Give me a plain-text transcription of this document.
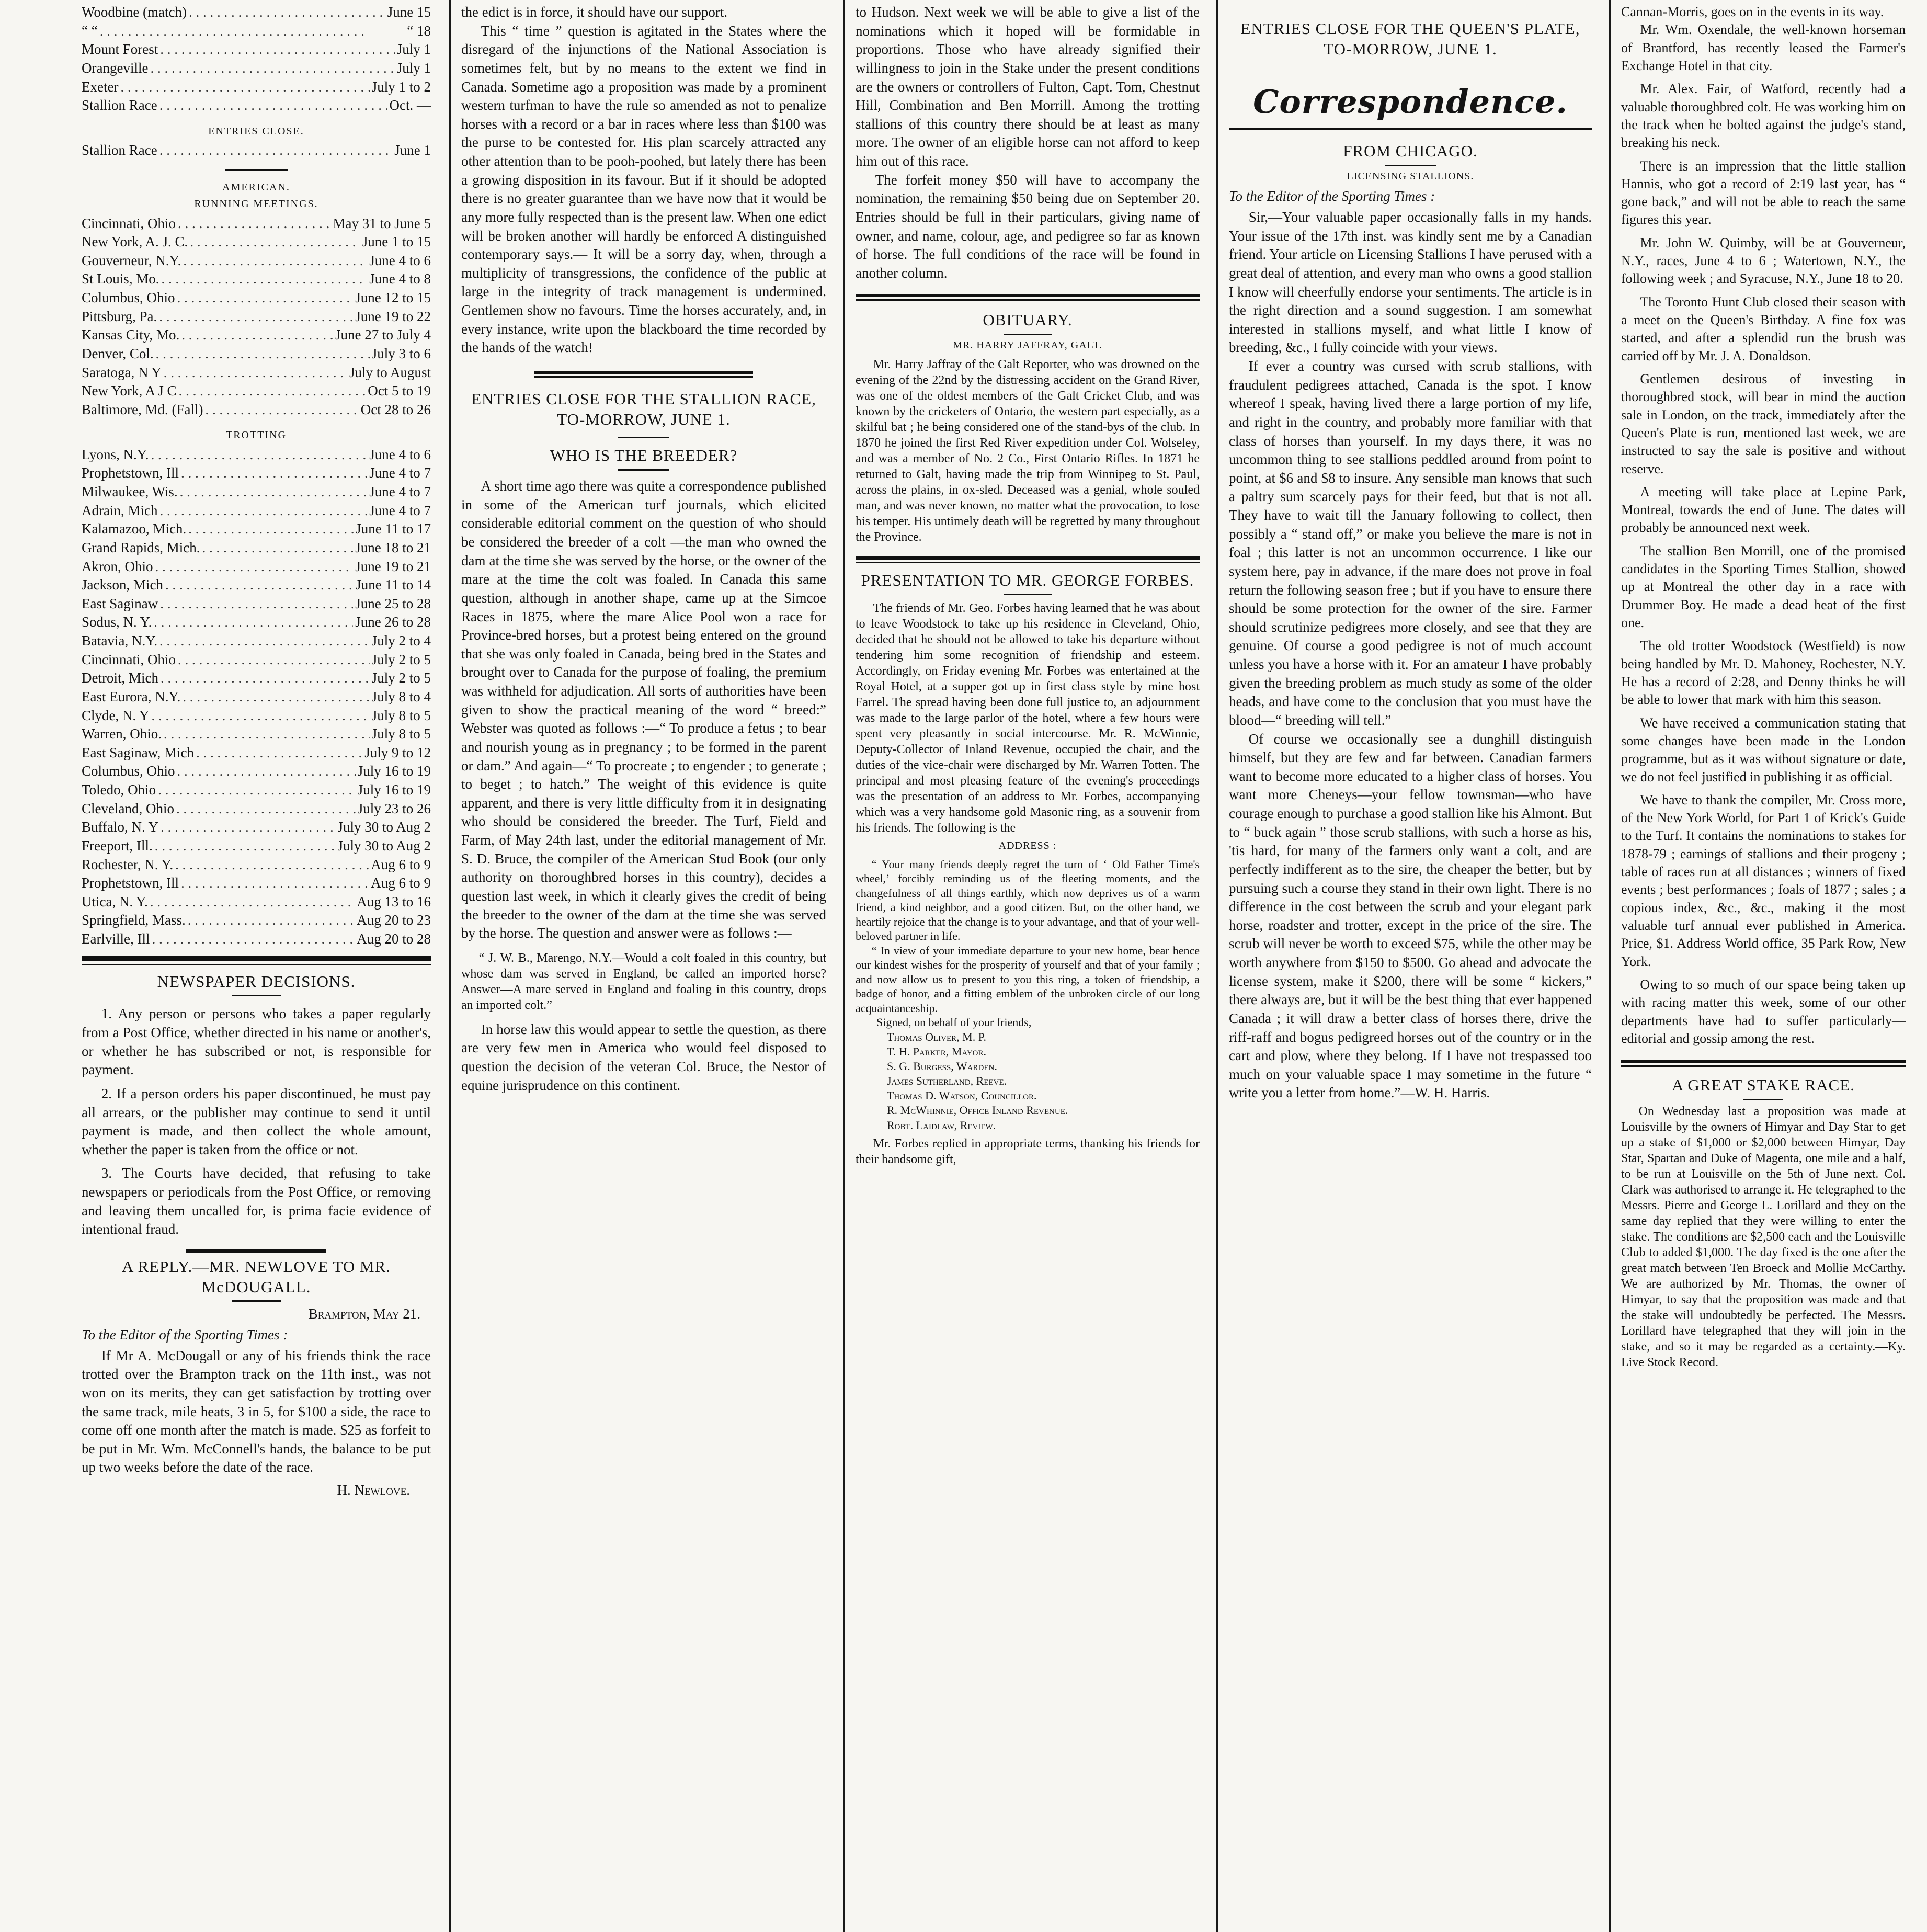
Woodbine (match) . . .	June 15
“ “ . . .	“ 18
Mount Forest . . .	July 1
Orangeville . . .	July 1
Exeter . . .	July 1 to 2
Stallion Race . . .	Oct. —
ENTRIES CLOSE.
Stallion Race . . .	June 1
AMERICAN.
RUNNING MEETINGS.
Cincinnati, Ohio . . .	May 31 to June 5
New York, A. J. C. . . .	June 1 to 15
Gouverneur, N.Y. . . .	June 4 to 6
St Louis, Mo. . . .	June 4 to 8
Columbus, Ohio . . .	June 12 to 15
Pittsburg, Pa. . . .	June 19 to 22
Kansas City, Mo. . . .	June 27 to July 4
Denver, Col. . . .	July 3 to 6
Saratoga, N Y . . .	July to August
New York, A J C . . .	Oct 5 to 19
Baltimore, Md. (Fall) . . .	Oct 28 to 26
TROTTING
Lyons, N.Y. . . .	June 4 to 6
Prophetstown, Ill . . .	June 4 to 7
Milwaukee, Wis. . . .	June 4 to 7
Adrain, Mich . . .	June 4 to 7
Kalamazoo, Mich. . . .	June 11 to 17
Grand Rapids, Mich. . . .	June 18 to 21
Akron, Ohio . . .	June 19 to 21
Jackson, Mich . . .	June 11 to 14
East Saginaw . . .	June 25 to 28
Sodus, N. Y. . . .	June 26 to 28
Batavia, N.Y. . . .	July 2 to 4
Cincinnati, Ohio . . .	July 2 to 5
Detroit, Mich . . .	July 2 to 5
East Eurora, N.Y. . . .	July 8 to 4
Clyde, N. Y . . .	July 8 to 5
Warren, Ohio. . . .	July 8 to 5
East Saginaw, Mich . . .	July 9 to 12
Columbus, Ohio . . .	July 16 to 19
Toledo, Ohio . . .	July 16 to 19
Cleveland, Ohio . . .	July 23 to 26
Buffalo, N. Y . . .	July 30 to Aug 2
Freeport, Ill. . . .	July 30 to Aug 2
Rochester, N. Y. . . .	Aug 6 to 9
Prophetstown, Ill . . .	Aug 6 to 9
Utica, N. Y. . . .	Aug 13 to 16
Springfield, Mass. . . .	Aug 20 to 23
Earlville, Ill . . .	Aug 20 to 28
NEWSPAPER DECISIONS.

1. Any person or persons who takes a paper regularly from a Post Office, whether directed in his name or another's, or whether he has subscribed or not, is responsible for payment.

2. If a person orders his paper discontinued, he must pay all arrears, or the publisher may continue to send it until payment is made, and then collect the whole amount, whether the paper is taken from the office or not.

3. The Courts have decided, that refusing to take newspapers or periodicals from the Post Office, or removing and leaving them uncalled for, is prima facie evidence of intentional fraud.

A REPLY.—MR. NEWLOVE TO MR. McDOUGALL.
Brampton, May 21.
To the Editor of the Sporting Times :

If Mr A. McDougall or any of his friends think the race trotted over the Brampton track on the 11th inst., was not won on its merits, they can get satisfaction by trotting over the same track, mile heats, 3 in 5, for $100 a side, the race to come off one month after the match is made. $25 as forfeit to be put in Mr. Wm. McConnell's hands, the balance to be put up two weeks before the date of the race.

H. Newlove.

the edict is in force, it should have our support.

This “ time ” question is agitated in the States where the disregard of the injunctions of the National Association is sometimes felt, but by no means to the extent we find in Canada. Sometime ago a proposition was made by a prominent western turfman to have the rule so amended as not to penalize horses with a record or a bar in races where less than $100 was the purse to be contested for. His plan scarcely attracted any other attention than to be pooh-poohed, but lately there has been a growing disposition in its favour. But if it should be adopted there is no greater guarantee than we have now that it would be any more fully respected than is the present law. When one edict will be broken another will hardly be enforced A distinguished contemporary says.— It will be a sorry day, when, through a multiplicity of transgressions, the confidence of the public at large in the integrity of track management is undermined. Gentlemen show no favours. Time the horses accurately, and, in every instance, write upon the blackboard the time recorded by the hands of the watch!

ENTRIES CLOSE FOR THE STALLION RACE, TO-MORROW, JUNE 1.
WHO IS THE BREEDER?

A short time ago there was quite a correspondence published in some of the American turf journals, which elicited considerable editorial comment on the question of who should be considered the breeder of a colt —the man who owned the dam at the time she was served by the horse, or the owner of the mare at the time the colt was foaled. In Canada this same question, although in another shape, came up at the Simcoe Races in 1875, where the mare Alice Pool won a race for Province-bred horses, but a protest being entered on the ground that she was only foaled in Canada, being bred in the States and brought over to Canada for the purpose of foaling, the premium was withheld for adjudication. All sorts of authorities have been given to show the practical meaning of the word “ breed:” Webster was quoted as follows :—“ To produce a fetus ; to bear and nourish young as in pregnancy ; to be formed in the parent or dam.” And again—“ To procreate ; to engender ; to generate ; to beget ; to hatch.” The weight of this evidence is quite apparent, and there is very little difficulty from it in designating who should be considered the breeder. The Turf, Field and Farm, of May 24th last, under the editorial management of Mr. S. D. Bruce, the compiler of the American Stud Book (our only authority on thoroughbred horses in this country), decides a question last week, in which it clearly gives the credit of being the breeder to the owner of the dam at the time she was served by the horse. The question and answer were as follows :—

“ J. W. B., Marengo, N.Y.—Would a colt foaled in this country, but whose dam was served in England, be called an imported horse? Answer—A mare served in England and foaling in this country, drops an imported colt.”

In horse law this would appear to settle the question, as there are very few men in America who would feel disposed to question the decision of the veteran Col. Bruce, the Nestor of equine jurisprudence on this continent.

to Hudson. Next week we will be able to give a list of the nominations which it hoped will be formidable in proportions. Those who have already signified their willingness to join in the Stake under the present conditions are the owners or controllers of Fulton, Capt. Tom, Chestnut Hill, Combination and Ben Morrill. Among the trotting stallions of this country there should be at least as many more. The owner of an eligible horse can not afford to keep him out of this race.

The forfeit money $50 will have to accompany the nomination, the remaining $50 being due on September 20. Entries should be full in their particulars, giving name of owner, and name, colour, age, and pedigree so far as known of horse. The full conditions of the race will be found in another column.

OBITUARY.
MR. HARRY JAFFRAY, GALT.

Mr. Harry Jaffray of the Galt Reporter, who was drowned on the evening of the 22nd by the distressing accident on the Grand River, was one of the oldest members of the Galt Cricket Club, and was known by the cricketers of Ontario, the western part especially, as a skilful bat ; he being considered one of the stand-bys of the club. In 1870 he joined the first Red River expedition under Col. Wolseley, and was a member of No. 2 Co., First Ontario Rifles. In 1871 he returned to Galt, having made the trip from Winnipeg to St. Paul, across the plains, in ox-sled. Deceased was a genial, whole souled man, and was never known, no matter what the provocation, to lose his temper. His untimely death will be regretted by many throughout the Province.

PRESENTATION TO MR. GEORGE FORBES.

The friends of Mr. Geo. Forbes having learned that he was about to leave Woodstock to take up his residence in Cleveland, Ohio, decided that he should not be allowed to take his departure without tendering him some recognition of friendship and esteem. Accordingly, on Friday evening Mr. Forbes was entertained at the Royal Hotel, at a supper got up in first class style by mine host Farrel. The spread having been done full justice to, an adjournment was made to the large parlor of the hotel, where a few hours were spent very pleasantly in social intercourse. Mr. R. McWinnie, Deputy-Collector of Inland Revenue, occupied the chair, and the duties of the vice-chair were discharged by Mr. Warren Totten. The principal and most pleasing feature of the evening's proceedings was the presentation of an address to Mr. Forbes, accompanying which was a very handsome gold Masonic ring, as a souvenir from his friends. The following is the

ADDRESS :

“ Your many friends deeply regret the turn of ‘ Old Father Time's wheel,’ forcibly reminding us of the fleeting moments, and the changefulness of all things earthly, which now deprives us of a warm friend, a kind neighbor, and a good citizen. But, on the other hand, we heartily rejoice that the change is to your advantage, and that of your well-beloved partner in life.

“ In view of your immediate departure to your new home, bear hence our kindest wishes for the prosperity of yourself and that of your family ; and now allow us to present to you this ring, a token of friendship, a badge of honor, and a fitting emblem of the unbroken circle of our long acquaintanceship.

Signed, on behalf of your friends,
Thomas Oliver, M. P.
T. H. Parker, Mayor.
S. G. Burgess, Warden.
James Sutherland, Reeve.
Thomas D. Watson, Councillor.
R. McWhinnie, Office Inland Revenue.
Robt. Laidlaw, Review.

Mr. Forbes replied in appropriate terms, thanking his friends for their handsome gift,

ENTRIES CLOSE FOR THE QUEEN'S PLATE, TO-MORROW, JUNE 1.
Correspondence.
FROM CHICAGO.
LICENSING STALLIONS.
To the Editor of the Sporting Times :

Sir,—Your valuable paper occasionally falls in my hands. Your issue of the 17th inst. was kindly sent me by a Canadian friend. Your article on Licensing Stallions I have perused with a great deal of attention, and every man who owns a good stallion I know will cheerfully endorse your sentiments. The article is in the right direction and a sound suggestion. I am somewhat interested in stallions myself, and what little I know of breeding, &c., I fully coincide with your views.

If ever a country was cursed with scrub stallions, with fraudulent pedigrees attached, Canada is the spot. I know whereof I speak, having lived there a large portion of my life, and right in the country, and probably more familiar with that class of horses than yourself. In my days there, it was no uncommon thing to see stallions peddled around from point to point, at $6 and $8 to insure. Any sensible man knows that such a paltry sum scarcely pays for their feed, but that is not all. They have to wait till the January following to collect, then possibly a “ stand off,” or make you believe the mare is not in foal ; this latter is not an uncommon occurrence. I like our system here, pay in advance, if the mare does not prove in foal return the following season free ; but if you have to ensure there should be some protection for the owner of the sire. Farmer should scrutinize pedigrees more closely, and see that they are genuine. Of course a good pedigree is not of much account unless you have a horse with it. For an amateur I have probably given the breeding problem as much study as some of the older heads, and have come to the conclusion that you must have the blood—“ breeding will tell.”

Of course we occasionally see a dunghill distinguish himself, but they are few and far between. Canadian farmers want to become more educated to a higher class of horses. You want more Cheneys—your fellow townsman—who have courage enough to purchase a good stallion like his Almont. But to “ buck again ” those scrub stallions, with such a horse as his, 'tis hard, for many of the farmers only want a colt, and are perfectly indifferent as to the sire, the cheaper the better, but by pursuing such a course they stand in their own light. There is no difference in the cost between the scrub and your elegant park horse, roadster and trotter, except in the price of the sire. The scrub will never be worth to exceed $75, while the other may be worth anywhere from $150 to $500. Go ahead and advocate the license system, make it $200, there will be some “ kickers,” there always are, but it will be the best thing that ever happened Canada ; it will draw a better class of horses there, drive the riff-raff and bogus pedigreed horses out of the country or in the cart and plow, where they belong. If I have not trespassed too much on your valuable space I may sometime in the future “ write you a letter from home.”—W. H. Harris.

Cannan-Morris, goes on in the events in its way.

Mr. Wm. Oxendale, the well-known horseman of Brantford, has recently leased the Farmer's Exchange Hotel in that city.

Mr. Alex. Fair, of Watford, recently had a valuable thoroughbred colt. He was working him on the track when he bolted against the judge's stand, breaking his neck.

There is an impression that the little stallion Hannis, who got a record of 2:19 last year, has “ gone back,” and will not be able to reach the same figures this year.

Mr. John W. Quimby, will be at Gouverneur, N.Y., races, June 4 to 6 ; Watertown, N.Y., the following week ; and Syracuse, N.Y., June 18 to 20.

The Toronto Hunt Club closed their season with a meet on the Queen's Birthday. A fine fox was started, and after a splendid run the brush was carried off by Mr. J. A. Donaldson.

Gentlemen desirous of investing in thoroughbred stock, will bear in mind the auction sale in London, on the track, immediately after the Queen's Plate is run, mentioned last week, we are instructed to say the sale is positive and without reserve.

A meeting will take place at Lepine Park, Montreal, towards the end of June. The dates will probably be announced next week.

The stallion Ben Morrill, one of the promised candidates in the Sporting Times Stallion, showed up at Montreal the other day in a race with Drummer Boy. He made a dead heat of the first one.

The old trotter Woodstock (Westfield) is now being handled by Mr. D. Mahoney, Rochester, N.Y. He has a record of 2:28, and Denny thinks he will be able to lower that mark with him this season.

We have received a communication stating that some changes have been made in the London programme, but as it was without signature or date, we do not feel justified in publishing it as official.

We have to thank the compiler, Mr. Cross more, of the New York World, for Part 1 of Krick's Guide to the Turf. It contains the nominations to stakes for 1878-79 ; earnings of stallions and their progeny ; table of races run at all distances ; winners of fixed events ; best performances ; foals of 1877 ; sales ; a copious index, &c., &c., making it the most valuable turf annual ever published in America. Price, $1. Address World office, 35 Park Row, New York.

Owing to so much of our space being taken up with racing matter this week, some of our other departments have had to suffer particularly—editorial and gossip among the rest.

A GREAT STAKE RACE.

On Wednesday last a proposition was made at Louisville by the owners of Himyar and Day Star to get up a stake of $1,000 or $2,000 between Himyar, Day Star, Spartan and Duke of Magenta, one mile and a half, to be run at Louisville on the 5th of June next. Col. Clark was authorised to arrange it. He telegraphed to the Messrs. Pierre and George L. Lorillard and they on the same day replied that they were willing to enter the stake. The conditions are $2,500 each and the Louisville Club to added $1,000. The day fixed is the one after the great match between Ten Broeck and Mollie McCarthy. We are authorized by Mr. Thomas, the owner of Himyar, to say that the proposition was made and that the stake will undoubtedly be perfected. The Messrs. Lorillard have telegraphed that they will join in the stake, and so it may be regarded as a certainty.—Ky. Live Stock Record.
